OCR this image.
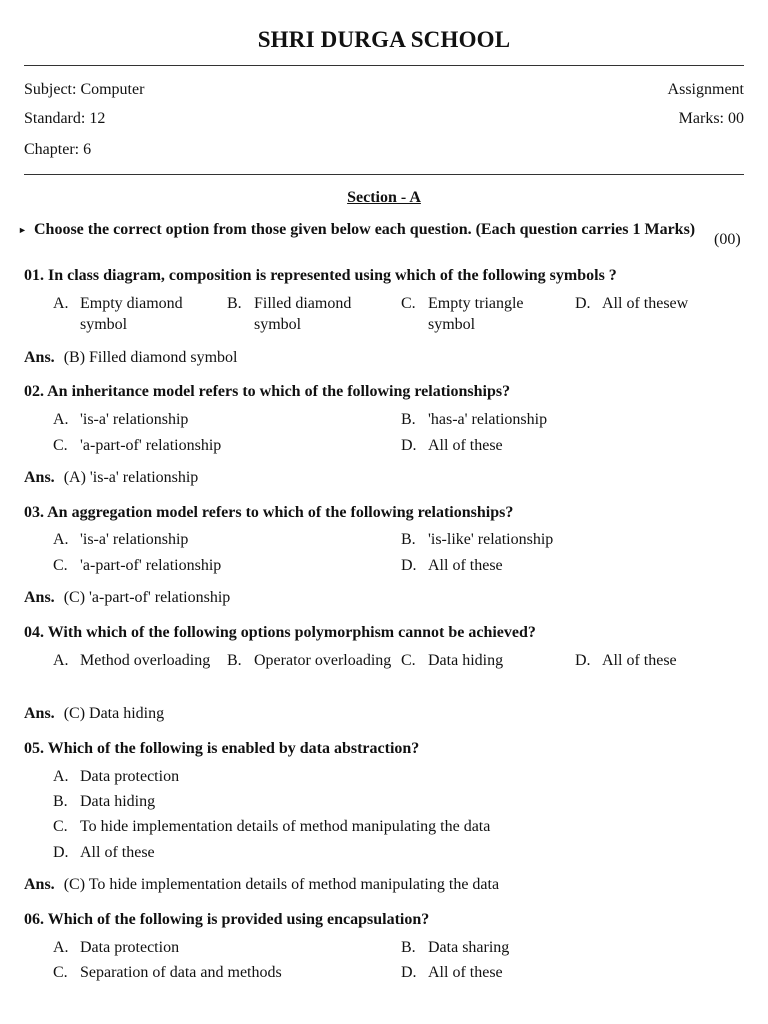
SHRI DURGA SCHOOL
Subject: Computer
Standard: 12
Chapter: 6
Assignment
Marks: 00
Section - A
► Choose the correct option from those given below each question. (Each question carries 1 Marks)
(00)
01. In class diagram, composition is represented using which of the following symbols ?
A. Empty diamond symbol
B. Filled diamond symbol
C. Empty triangle symbol
D. All of thesew
Ans. (B) Filled diamond symbol
02. An inheritance model refers to which of the following relationships?
A. 'is-a' relationship	B. 'has-a' relationship
C. 'a-part-of' relationship	D. All of these
Ans. (A) 'is-a' relationship
03. An aggregation model refers to which of the following relationships?
A. 'is-a' relationship	B. 'is-like' relationship
C. 'a-part-of' relationship	D. All of these
Ans. (C) 'a-part-of' relationship
04. With which of the following options polymorphism cannot be achieved?
A. Method overloading	B. Operator overloading C. Data hiding	D. All of these
Ans. (C) Data hiding
05. Which of the following is enabled by data abstraction?
A. Data protection
B. Data hiding
C. To hide implementation details of method manipulating the data
D. All of these
Ans. (C) To hide implementation details of method manipulating the data
06. Which of the following is provided using encapsulation?
A. Data protection	B. Data sharing
C. Separation of data and methods	D. All of these
